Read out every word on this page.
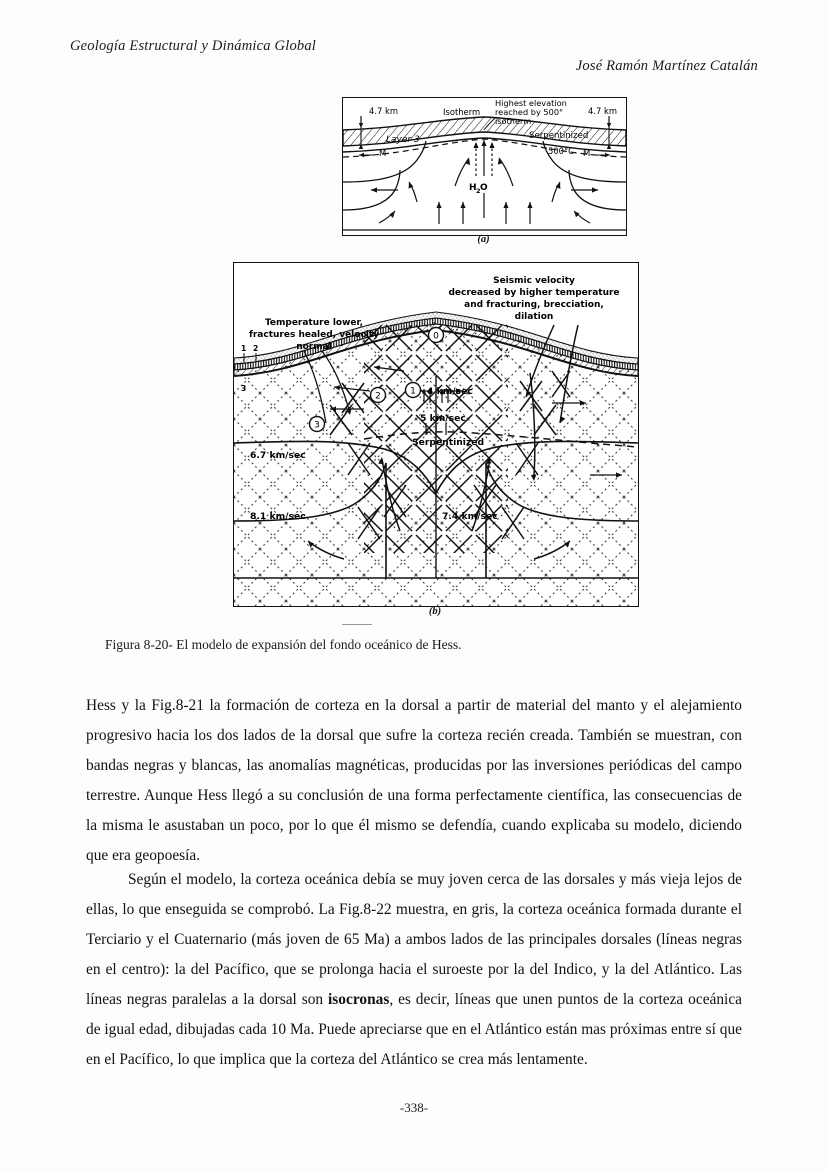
Geología Estructural y Dinámica Global
José Ramón Martínez Catalán
4.7 km	4.7 km
Isotherm
Highest elevation
reached by 500°
isotherm
Layer 3	Serpentinized
M	M
500°C
H 2 O
(a)
0
1
2
3
Seismic velocity
decreased by higher temperature
and fracturing, brecciation,
dilation
Temperature lower,
fractures healed, velocity
normal
4 km/sec
5 km/sec
Serpentinized
6.7 km/sec
8.1 km/sec	7.4 km/sec
1 2
3
(b)
Figura 8-20- El modelo de expansión del fondo oceánico de Hess.

Hess y la Fig.8-21 la formación de corteza en la dorsal a partir de material del manto y el alejamiento progresivo hacia los dos lados de la dorsal que sufre la corteza recién creada. También se muestran, con bandas negras y blancas, las anomalías magnéticas, producidas por las inversiones periódicas del campo terrestre. Aunque Hess llegó a su conclusión de una forma perfectamente científica, las consecuencias de la misma le asustaban un poco, por lo que él mismo se defendía, cuando explicaba su modelo, diciendo que era geopoesía.

Según el modelo, la corteza oceánica debía se muy joven cerca de las dorsales y más vieja lejos de ellas, lo que enseguida se comprobó. La Fig.8-22 muestra, en gris, la corteza oceánica formada durante el Terciario y el Cuaternario (más joven de 65 Ma) a ambos lados de las principales dorsales (líneas negras en el centro): la del Pacífico, que se prolonga hacia el suroeste por la del Indico, y la del Atlántico. Las líneas negras paralelas a la dorsal son isocronas, es decir, líneas que unen puntos de la corteza oceánica de igual edad, dibujadas cada 10 Ma. Puede apreciarse que en el Atlántico están mas próximas entre sí que en el Pacífico, lo que implica que la corteza del Atlántico se crea más lentamente.

-338-
